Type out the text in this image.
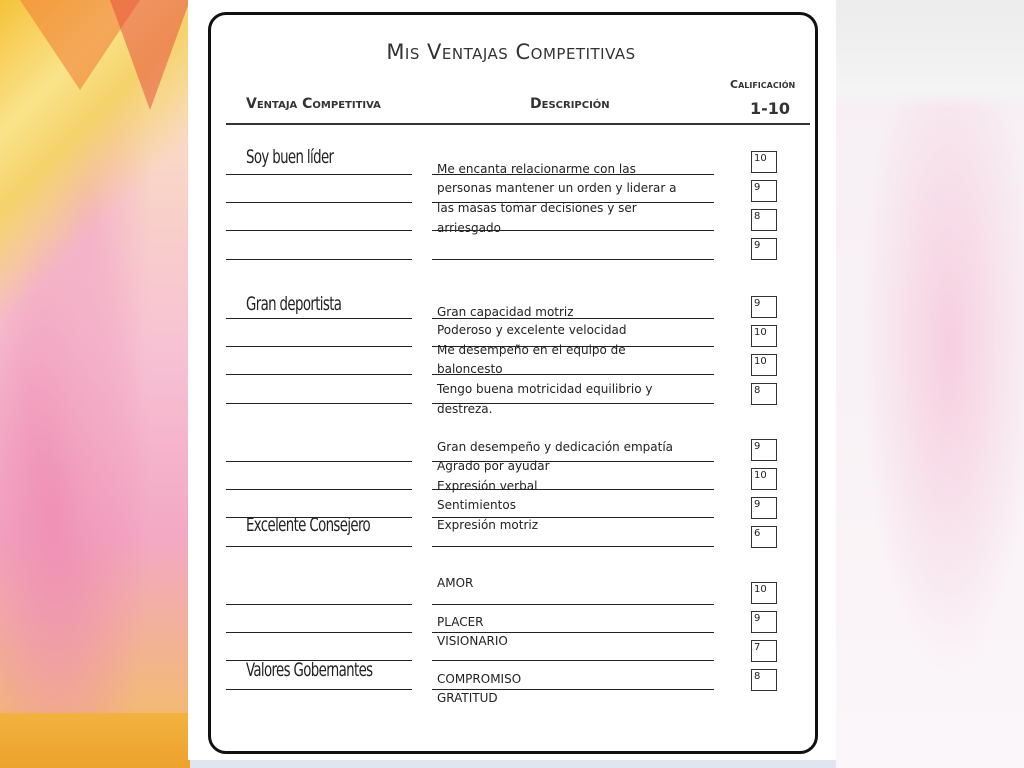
Mis Ventajas Competitivas
Ventaja Competitiva	Descripción
Calificación
1-10
Soy buen líder
Gran deportista
Excelente Consejero
Valores Gobernantes
Me encanta relacionarme con las
personas mantener un orden y liderar a
las masas tomar decisiones y ser
arriesgado
Gran capacidad motriz
Poderoso y excelente velocidad
Me desempeño en el equipo de
baloncesto
Tengo buena motricidad equilibrio y
destreza.
Gran desempeño y dedicación empatía
Agrado por ayudar
Expresión verbal
Sentimientos
Expresión motriz
AMOR
PLACER
VISIONARIO
COMPROMISO
GRATITUD
10
9
8
9
9
10
10
8
9
10
9
6
10
9
7
8
